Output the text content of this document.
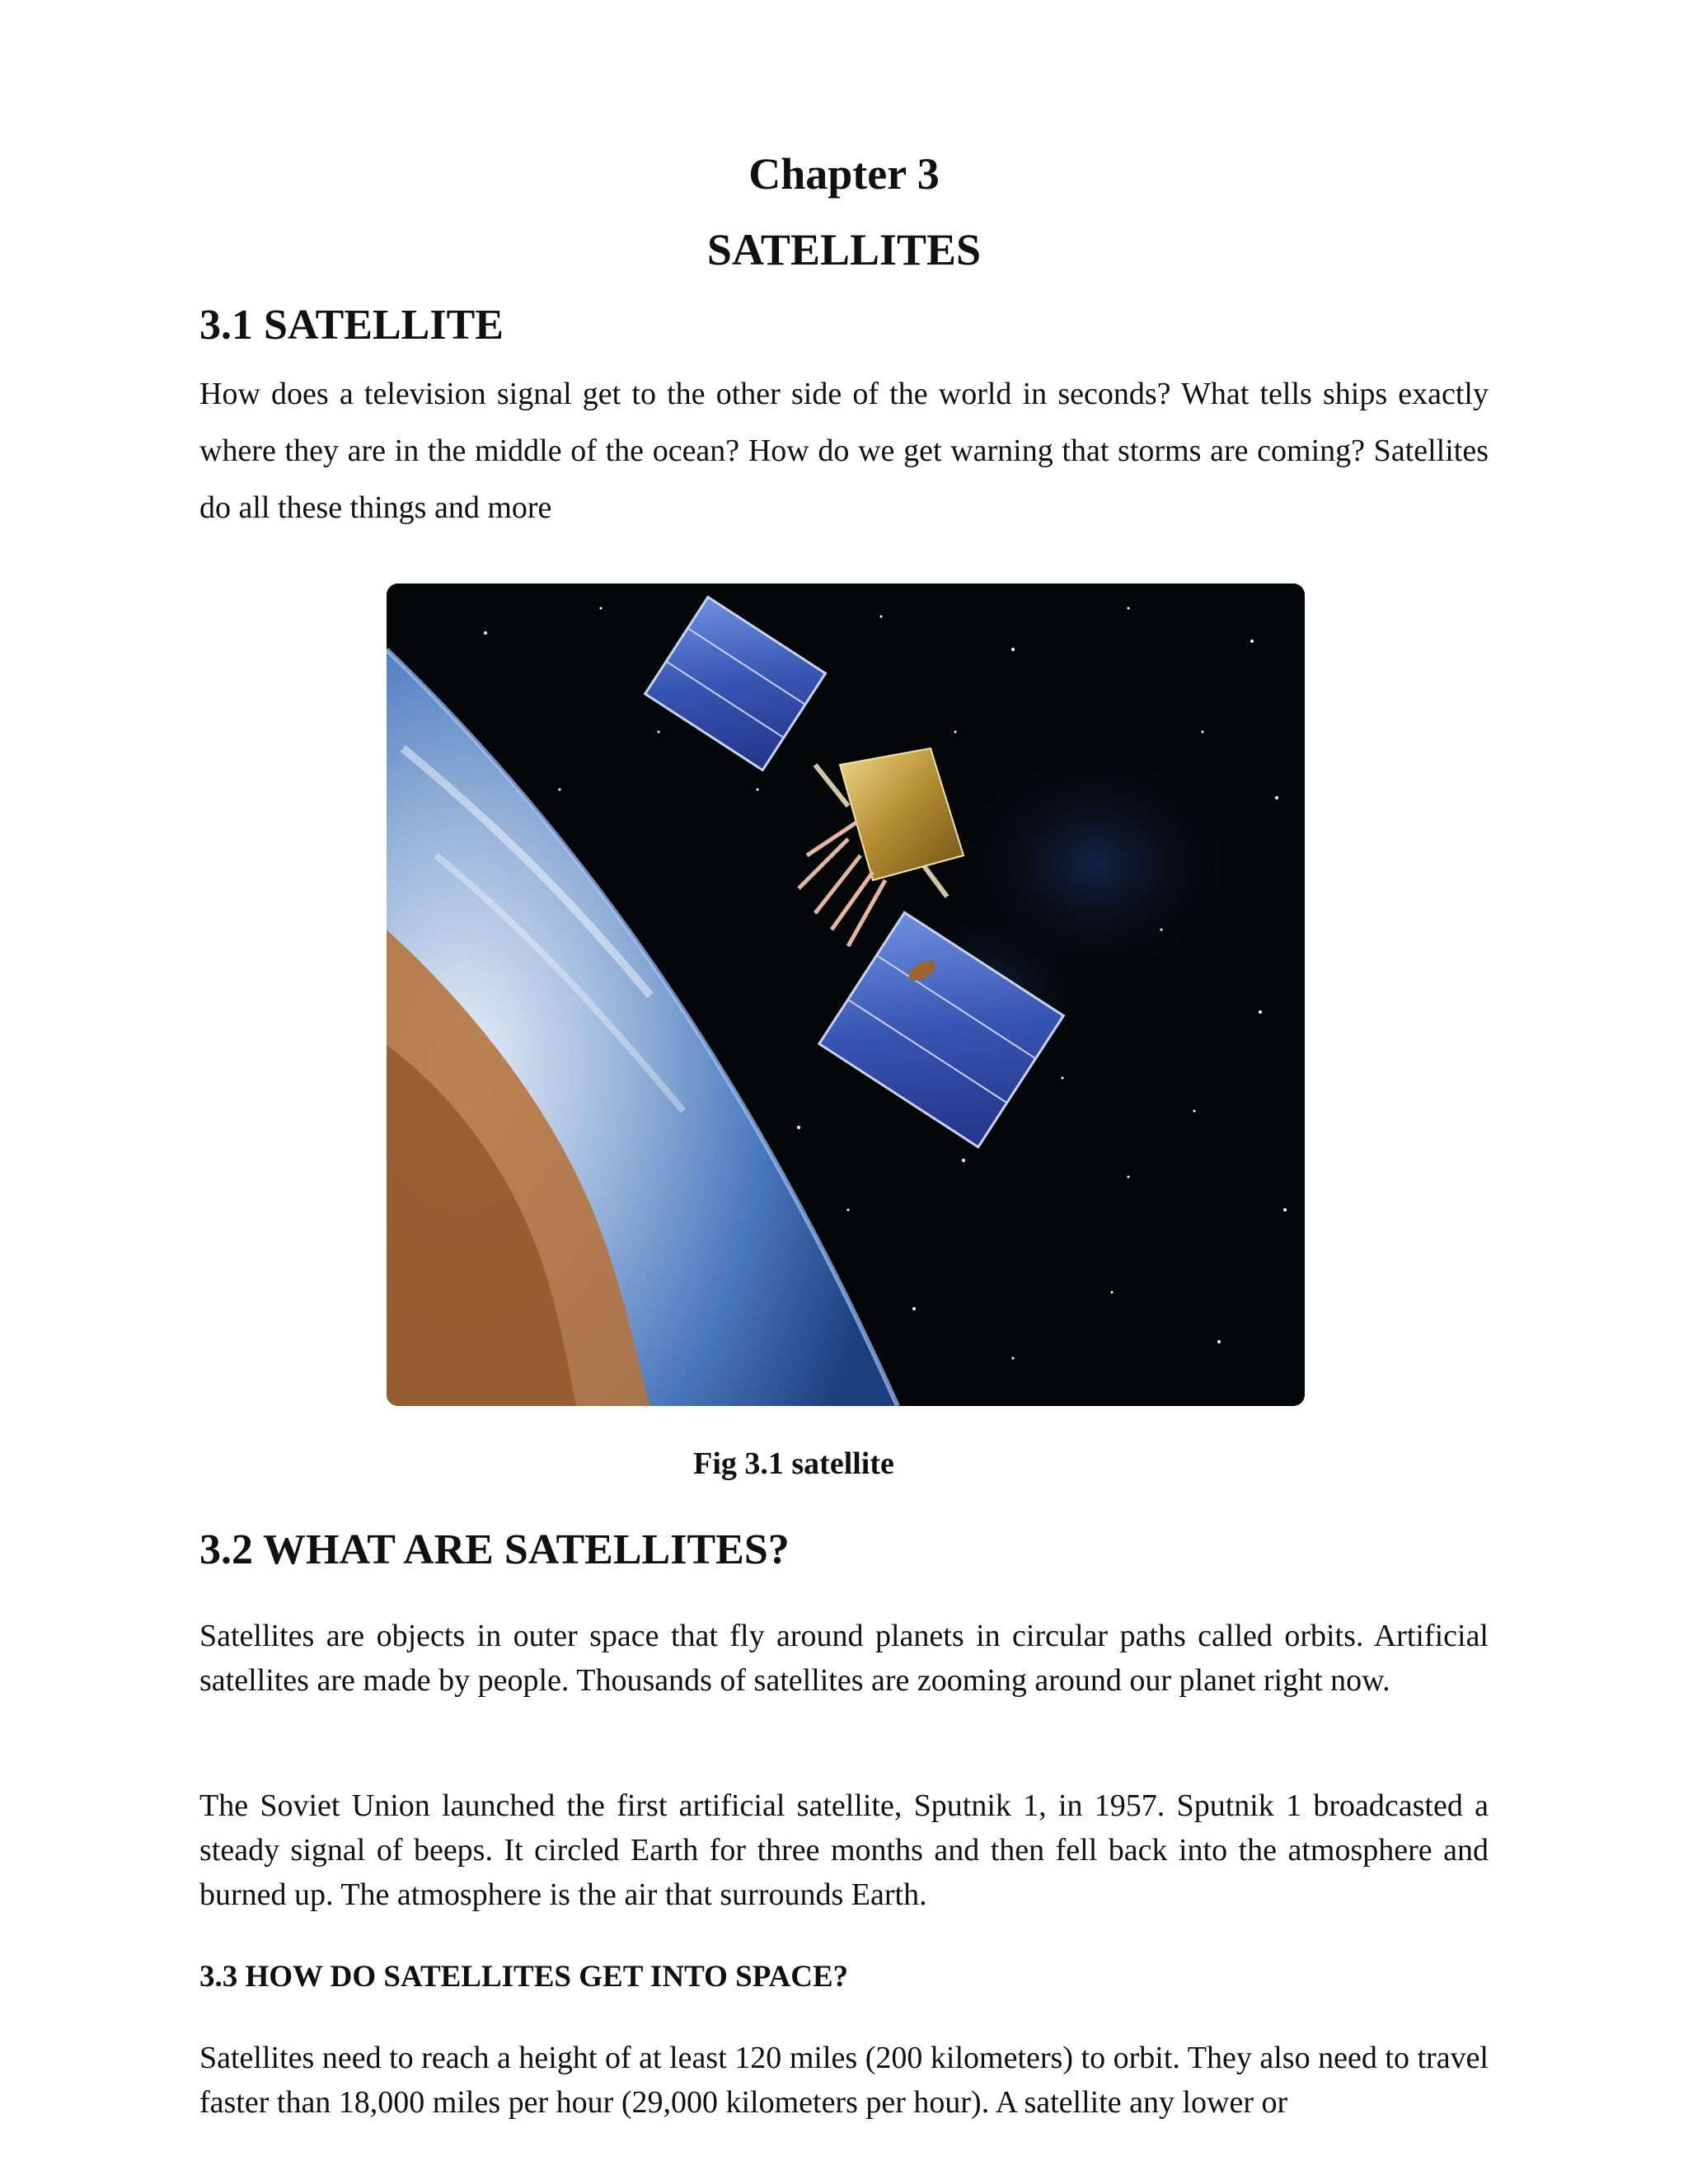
Chapter 3
SATELLITES
3.1 SATELLITE
How does a television signal get to the other side of the world in seconds? What tells ships exactly where they are in the middle of the ocean? How do we get warning that storms are coming? Satellites do all these things and more
Fig 3.1 satellite
3.2 WHAT ARE SATELLITES?
Satellites are objects in outer space that fly around planets in circular paths called orbits. Artificial satellites are made by people. Thousands of satellites are zooming around our planet right now.
The Soviet Union launched the first artificial satellite, Sputnik 1, in 1957. Sputnik 1 broadcasted a steady signal of beeps. It circled Earth for three months and then fell back into the atmosphere and burned up. The atmosphere is the air that surrounds Earth.
3.3 HOW DO SATELLITES GET INTO SPACE?
Satellites need to reach a height of at least 120 miles (200 kilometers) to orbit. They also need to travel faster than 18,000 miles per hour (29,000 kilometers per hour). A satellite any lower or
